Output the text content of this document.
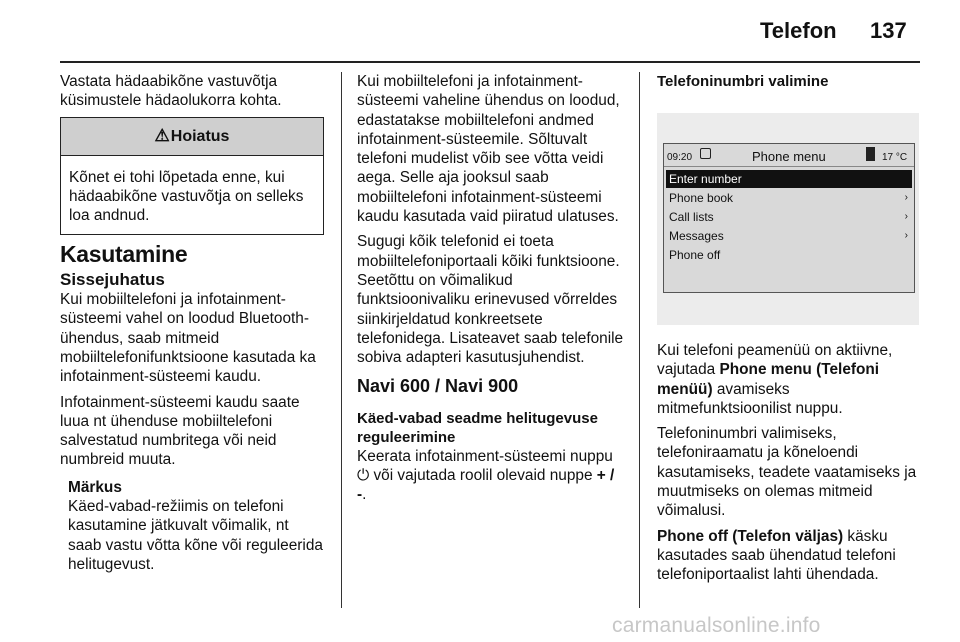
Telefon 137

Vastata hädaabikõne vastuvõtja küsimustele hädaolukorra kohta.

⚠Hoiatus
Kõnet ei tohi lõpetada enne, kui hädaabikõne vastuvõtja on selleks loa andnud.
Kasutamine
Sissejuhatus

Kui mobiiltelefoni ja infotainment-süsteemi vahel on loodud Bluetooth-ühendus, saab mitmeid mobiiltelefonifunktsioone kasutada ka infotainment-süsteemi kaudu.

Infotainment-süsteemi kaudu saate luua nt ühenduse mobiiltelefoni salvestatud numbritega või neid numbreid muuta.

Märkus
Käed-vabad-režiimis on telefoni kasutamine jätkuvalt võimalik, nt saab vastu võtta kõne või reguleerida helitugevust.

Kui mobiiltelefoni ja infotainment-süsteemi vaheline ühendus on loodud, edastatakse mobiiltelefoni andmed infotainment-süsteemile. Sõltuvalt telefoni mudelist võib see võtta veidi aega. Selle aja jooksul saab mobiiltelefoni infotainment-süsteemi kaudu kasutada vaid piiratud ulatuses.

Sugugi kõik telefonid ei toeta mobiiltelefoniportaali kõiki funktsioone. Seetõttu on võimalikud funktsioonivaliku erinevused võrreldes siinkirjeldatud konkreetsete telefonidega. Lisateavet saab telefonile sobiva adapteri kasutusjuhendist.

Navi 600 / Navi 900
Käed-vabad seadme helitugevuse reguleerimine

Keerata infotainment-süsteemi nuppu ⏻ või vajutada roolil olevaid nuppe + / -.

Telefoninumbri valimine
09:20	Phone menu	17 °C
Enter number
Phone book	›
Call lists	›
Messages	›
Phone off

Kui telefoni peamenüü on aktiivne, vajutada Phone menu (Telefoni menüü) avamiseks mitmefunktsioonilist nuppu.

Telefoninumbri valimiseks, telefoniraamatu ja kõneloendi kasutamiseks, teadete vaatamiseks ja muutmiseks on olemas mitmeid võimalusi.

Phone off (Telefon väljas) käsku kasutades saab ühendatud telefoni telefoniportaalist lahti ühendada.

carmanualsonline.info
